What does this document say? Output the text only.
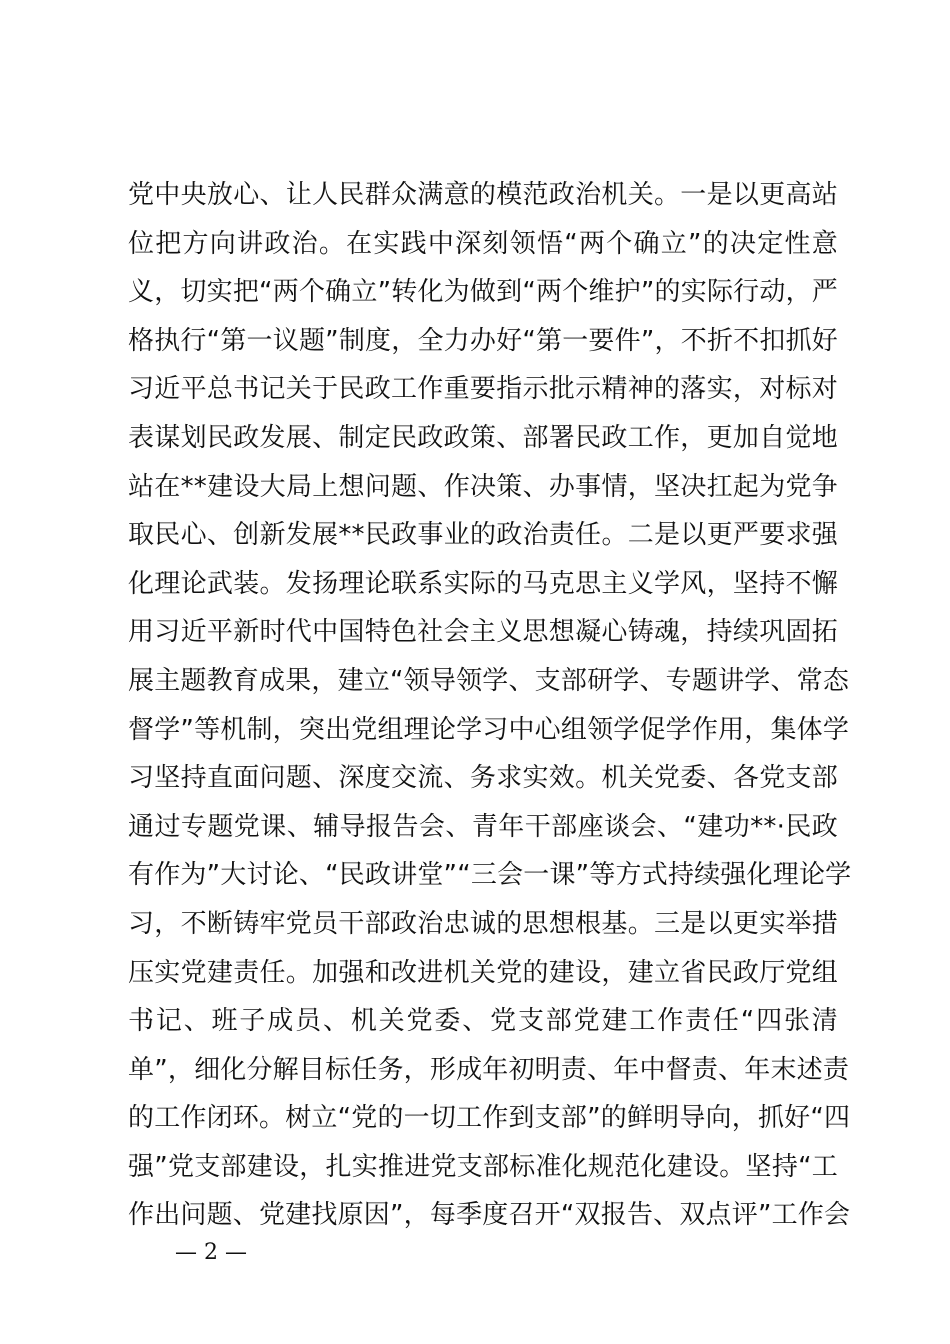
党中央放心、让人民群众满意的模范政治机关。一是以更高站
位把方向讲政治。在实践中深刻领悟“两个确立”的决定性意
义，切实把“两个确立”转化为做到“两个维护”的实际行动，严
格执行“第一议题”制度，全力办好“第一要件”，不折不扣抓好
习近平总书记关于民政工作重要指示批示精神的落实，对标对
表谋划民政发展、制定民政政策、部署民政工作，更加自觉地
站在**建设大局上想问题、作决策、办事情，坚决扛起为党争
取民心、创新发展**民政事业的政治责任。二是以更严要求强
化理论武装。发扬理论联系实际的马克思主义学风，坚持不懈
用习近平新时代中国特色社会主义思想凝心铸魂，持续巩固拓
展主题教育成果，建立“领导领学、支部研学、专题讲学、常态
督学”等机制，突出党组理论学习中心组领学促学作用，集体学
习坚持直面问题、深度交流、务求实效。机关党委、各党支部
通过专题党课、辅导报告会、青年干部座谈会、“建功**·民政
有作为”大讨论、“民政讲堂”“三会一课”等方式持续强化理论学
习，不断铸牢党员干部政治忠诚的思想根基。三是以更实举措
压实党建责任。加强和改进机关党的建设，建立省民政厅党组
书记、班子成员、机关党委、党支部党建工作责任“四张清
单”，细化分解目标任务，形成年初明责、年中督责、年末述责
的工作闭环。树立“党的一切工作到支部”的鲜明导向，抓好“四
强”党支部建设，扎实推进党支部标准化规范化建设。坚持“工
作出问题、党建找原因”，每季度召开“双报告、双点评”工作会
— 2 —
